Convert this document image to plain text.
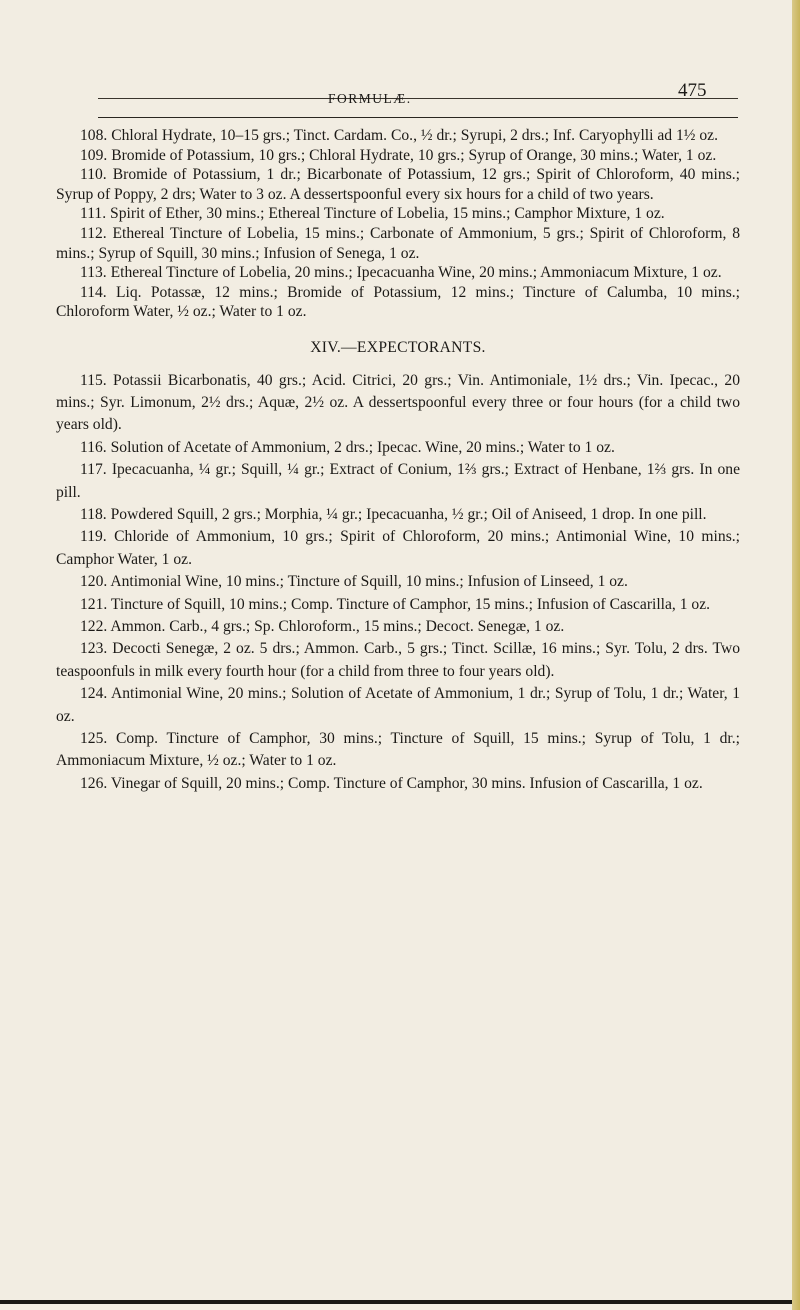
FORMULÆ.	475

108. Chloral Hydrate, 10–15 grs.; Tinct. Cardam. Co., ½ dr.; Syrupi, 2 drs.; Inf. Caryophylli ad 1½ oz.

109. Bromide of Potassium, 10 grs.; Chloral Hydrate, 10 grs.; Syrup of Orange, 30 mins.; Water, 1 oz.

110. Bromide of Potassium, 1 dr.; Bicarbonate of Potassium, 12 grs.; Spirit of Chloroform, 40 mins.; Syrup of Poppy, 2 drs; Water to 3 oz. A dessertspoonful every six hours for a child of two years.

111. Spirit of Ether, 30 mins.; Ethereal Tincture of Lobelia, 15 mins.; Camphor Mixture, 1 oz.

112. Ethereal Tincture of Lobelia, 15 mins.; Carbonate of Ammonium, 5 grs.; Spirit of Chloroform, 8 mins.; Syrup of Squill, 30 mins.; Infusion of Senega, 1 oz.

113. Ethereal Tincture of Lobelia, 20 mins.; Ipecacuanha Wine, 20 mins.; Ammoniacum Mixture, 1 oz.

114. Liq. Potassæ, 12 mins.; Bromide of Potassium, 12 mins.; Tincture of Calumba, 10 mins.; Chloroform Water, ½ oz.; Water to 1 oz.

XIV.—EXPECTORANTS.

115. Potassii Bicarbonatis, 40 grs.; Acid. Citrici, 20 grs.; Vin. Antimoniale, 1½ drs.; Vin. Ipecac., 20 mins.; Syr. Limonum, 2½ drs.; Aquæ, 2½ oz. A dessertspoonful every three or four hours (for a child two years old).

116. Solution of Acetate of Ammonium, 2 drs.; Ipecac. Wine, 20 mins.; Water to 1 oz.

117. Ipecacuanha, ¼ gr.; Squill, ¼ gr.; Extract of Conium, 1⅔ grs.; Extract of Henbane, 1⅔ grs. In one pill.

118. Powdered Squill, 2 grs.; Morphia, ¼ gr.; Ipecacuanha, ½ gr.; Oil of Aniseed, 1 drop. In one pill.

119. Chloride of Ammonium, 10 grs.; Spirit of Chloroform, 20 mins.; Antimonial Wine, 10 mins.; Camphor Water, 1 oz.

120. Antimonial Wine, 10 mins.; Tincture of Squill, 10 mins.; Infusion of Linseed, 1 oz.

121. Tincture of Squill, 10 mins.; Comp. Tincture of Camphor, 15 mins.; Infusion of Cascarilla, 1 oz.

122. Ammon. Carb., 4 grs.; Sp. Chloroform., 15 mins.; Decoct. Senegæ, 1 oz.

123. Decocti Senegæ, 2 oz. 5 drs.; Ammon. Carb., 5 grs.; Tinct. Scillæ, 16 mins.; Syr. Tolu, 2 drs. Two teaspoonfuls in milk every fourth hour (for a child from three to four years old).

124. Antimonial Wine, 20 mins.; Solution of Acetate of Ammonium, 1 dr.; Syrup of Tolu, 1 dr.; Water, 1 oz.

125. Comp. Tincture of Camphor, 30 mins.; Tincture of Squill, 15 mins.; Syrup of Tolu, 1 dr.; Ammoniacum Mixture, ½ oz.; Water to 1 oz.

126. Vinegar of Squill, 20 mins.; Comp. Tincture of Camphor, 30 mins. Infusion of Cascarilla, 1 oz.
